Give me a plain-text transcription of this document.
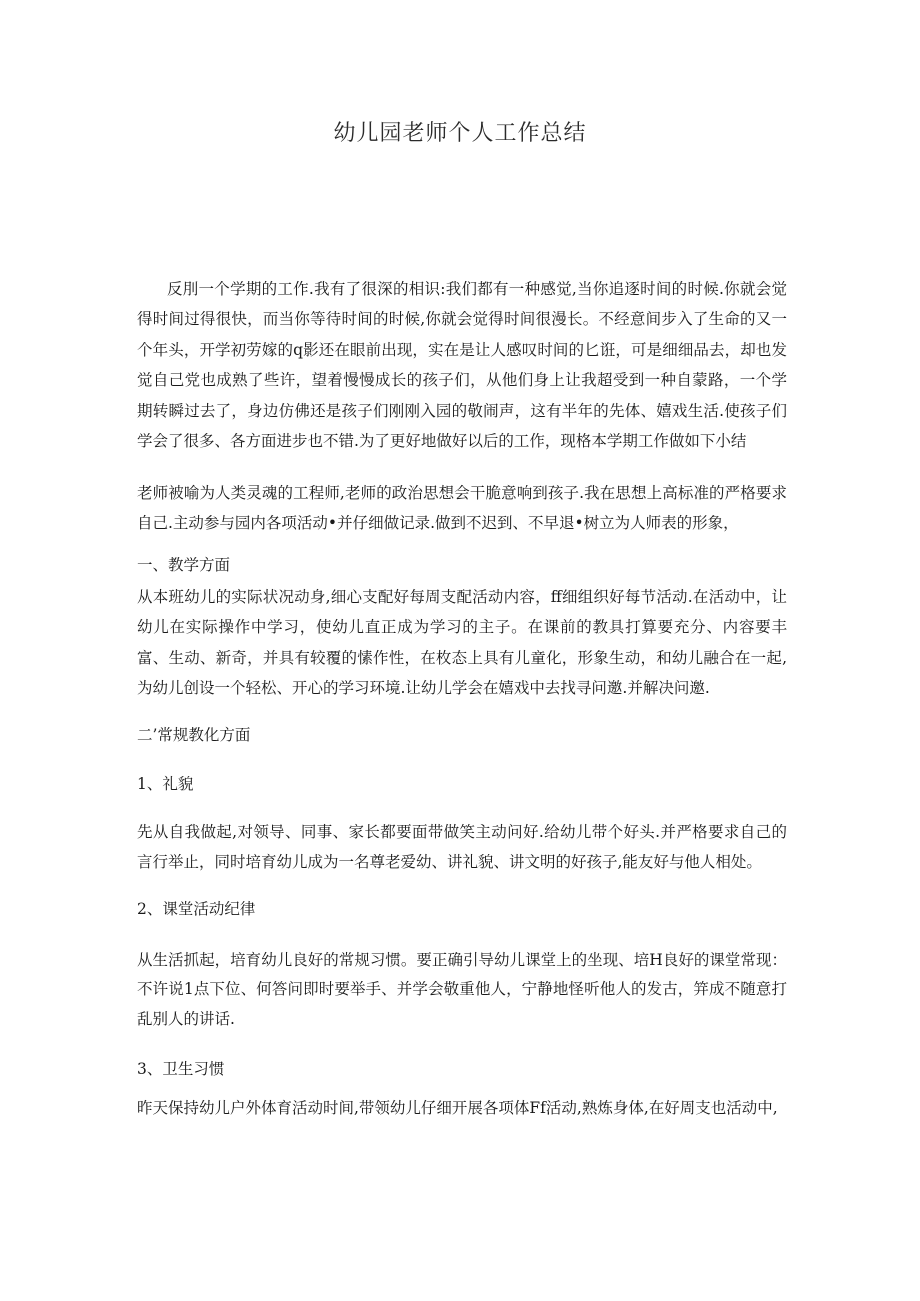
幼儿园老师个人工作总结

反刖一个学期的工作.我有了很深的相识:我们都有一种感觉,当你追逐时间的时候.你就会觉得时间过得很快，而当你等待时间的时候,你就会觉得时间很漫长。不经意间步入了生命的又一个年头，开学初劳嫁的q影还在眼前出现，实在是让人感叹时间的匕诳，可是细细品去，却也发觉自己党也成熟了些许，望着慢慢成长的孩子们，从他们身上让我超受到一种自蒙路，一个学期转瞬过去了，身边仿佛还是孩子们刚刚入园的敬闹声，这有半年的先体、嬉戏生活.使孩子们学会了很多、各方面进步也不错.为了更好地做好以后的工作，现格本学期工作做如下小结

老师被喻为人类灵魂的工程师,老师的政治思想会干脆意响到孩子.我在思想上高标准的严格要求自己.主动参与园内各项活动•并仔细做记录.做到不迟到、不早退•树立为人师表的形象，

一、教学方面

从本班幼儿的实际状况动身,细心支配好每周支配活动内容，ff细组织好每节活动.在活动中，让幼儿在实际操作中学习，使幼儿直正成为学习的主子。在课前的教具打算要充分、内容要丰富、生动、新奇，并具有较覆的愫作性，在枚态上具有儿童化，形象生动，和幼儿融合在一起,为幼儿创设一个轻松、开心的学习环境.让幼儿学会在嬉戏中去找寻问邀.并解决问邀.

二’常规教化方面

1、礼貌

先从自我做起,对领导、同事、家长都要面带做笑主动问好.给幼儿带个好头.并严格要求自己的言行举止，同时培育幼儿成为一名尊老爱幼、讲礼貌、讲文明的好孩子,能友好与他人相处。

2、课堂活动纪律

从生活抓起，培育幼儿良好的常规习惯。要正确引导幼儿课堂上的坐现、培H良好的课堂常现：不许说1点下位、何答问即时要举手、并学会敬重他人，宁静地怪听他人的发古，笄成不随意打乱别人的讲话.

3、卫生习惯

昨天保持幼儿户外体育活动时间,带领幼儿仔细开展各项体Ff活动,熟炼身体,在好周支也活动中,
